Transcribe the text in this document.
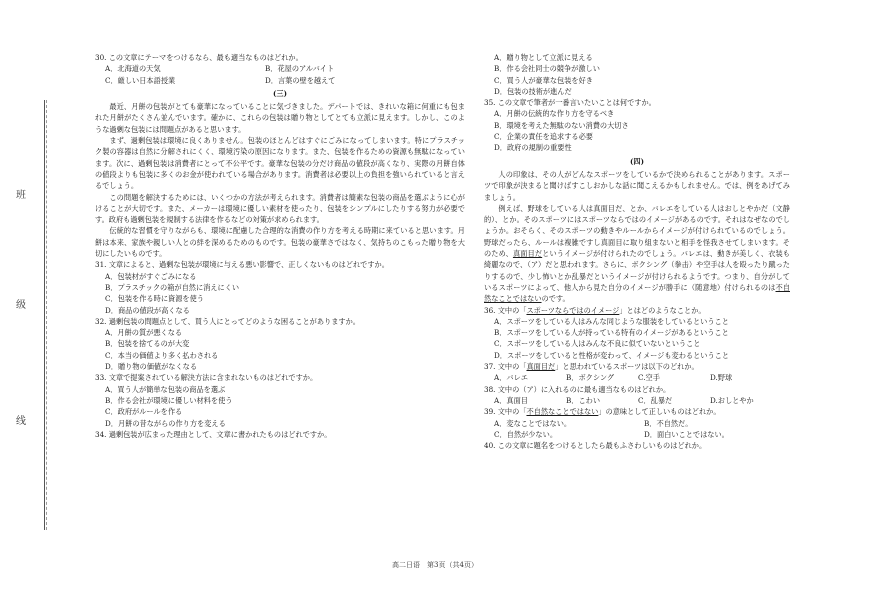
班
级
线
30. この文章にテーマをつけるなら、最も適当なものはどれか。
A．北海道の天気	B．花屋のアルバイト
C．厳しい日本語授業	D．言葉の壁を越えて
(三)
最近、月餅の包装がとても豪華になっていることに気づきました。デパートでは、きれいな箱に何重にも包まれた月餅がたくさん並んでいます。確かに、これらの包装は贈り物としてとても立派に見えます。しかし、このような過剰な包装には問題点があると思います。
まず、過剰包装は環境に良くありません。包装のほとんどはすぐにごみになってしまいます。特にプラスチック製の容器は自然に分解されにくく、環境汚染の原因になります。また、包装を作るための資源も無駄になっています。次に、過剰包装は消費者にとって不公平です。豪華な包装の分だけ商品の値段が高くなり、実際の月餅自体の値段よりも包装に多くのお金が使われている場合があります。消費者は必要以上の負担を強いられていると言えるでしょう。
この問題を解決するためには、いくつかの方法が考えられます。消費者は簡素な包装の商品を選ぶように心がけることが大切です。また、メーカーは環境に優しい素材を使ったり、包装をシンプルにしたりする努力が必要です。政府も過剰包装を規制する法律を作るなどの対策が求められます。
伝統的な習慣を守りながらも、環境に配慮した合理的な消費の作り方を考える時期に来ていると思います。月餅は本来、家族や親しい人との絆を深めるためのものです。包装の豪華さではなく、気持ちのこもった贈り物を大切にしたいものです。
31. 文章によると、過剰な包装が環境に与える悪い影響で、正しくないものはどれですか。
A．包装材がすぐごみになる
B．プラスチックの箱が自然に消えにくい
C．包装を作る時に資源を使う
D．商品の値段が高くなる
32. 過剰包装の問題点として、買う人にとってどのような困ることがありますか。
A．月餅の質が悪くなる
B．包装を捨てるのが大変
C．本当の価値より多く払わされる
D．贈り物の価値がなくなる
33. 文章で提案されている解決方法に含まれないものはどれですか。
A．買う人が簡単な包装の商品を選ぶ
B．作る会社が環境に優しい材料を使う
C．政府がルールを作る
D．月餅の昔ながらの作り方を変える
34. 過剰包装が広まった理由として、文章に書かれたものはどれですか。
A．贈り物として立派に見える
B．作る会社同士の競争が激しい
C．買う人が豪華な包装を好き
D．包装の技術が進んだ
35. この文章で筆者が一番言いたいことは何ですか。
A．月餅の伝統的な作り方を守るべき
B．環境を考えた無駄のない消費の大切さ
C．企業の責任を追求する必要
D．政府の規制の重要性
(四)
人の印象は、その人がどんなスポーツをしているかで決められることがあります。スポーツで印象が決まると聞けばすこしおかしな話に聞こえるかもしれません。では、例をあげてみましょう。
例えば、野球をしている人は真面目だ、とか、バレエをしている人はおしとやかだ（文静的）、とか。そのスポーツにはスポーツならではのイメージがあるのです。それはなぜなのでしょうか。おそらく、そのスポーツの動きやルールからイメージが付けられているのでしょう。野球だったら、ルールは複雑ですし真面目に取り組まないと相手を怪我させてしまいます。そのため、真面目だというイメージが付けられたのでしょう。バレエは、動きが美しく、衣装も綺麗なので、（ア）だと思われます。さらに、ボクシング（拳击）や空手は人を殴ったり蹴ったりするので、少し怖いとか乱暴だというイメージが付けられるようです。つまり、自分がしているスポーツによって、他人から見た自分のイメージが勝手に（随意地）付けられるのは不自然なことではないのです。
36. 文中の「スポーツならではのイメージ」とはどのようなことか。
A．スポーツをしている人はみんな同じような服装をしているということ
B．スポーツをしている人が持っている特有のイメージがあるということ
C．スポーツをしている人はみんな不良に似ていないということ
D．スポーツをしていると性格が変わって、イメージも変わるということ
37. 文中の「真面目だ」と思われているスポーツは以下のどれか。
A．バレエ	B．ボクシング	C.空手	D.野球
38. 文中の（ア）に入れるのに最も適当なものはどれか。
A．真面目	B．こわい	C．乱暴だ	D.おしとやか
39. 文中の「不自然なことではない」の意味として正しいものはどれか。
A．変なことではない。	B．不自然だ。
C．自然が少ない。	D．面白いことではない。
40. この文章に題名をつけるとしたら最もふさわしいものはどれか。
高二日语　第3页（共4页）
